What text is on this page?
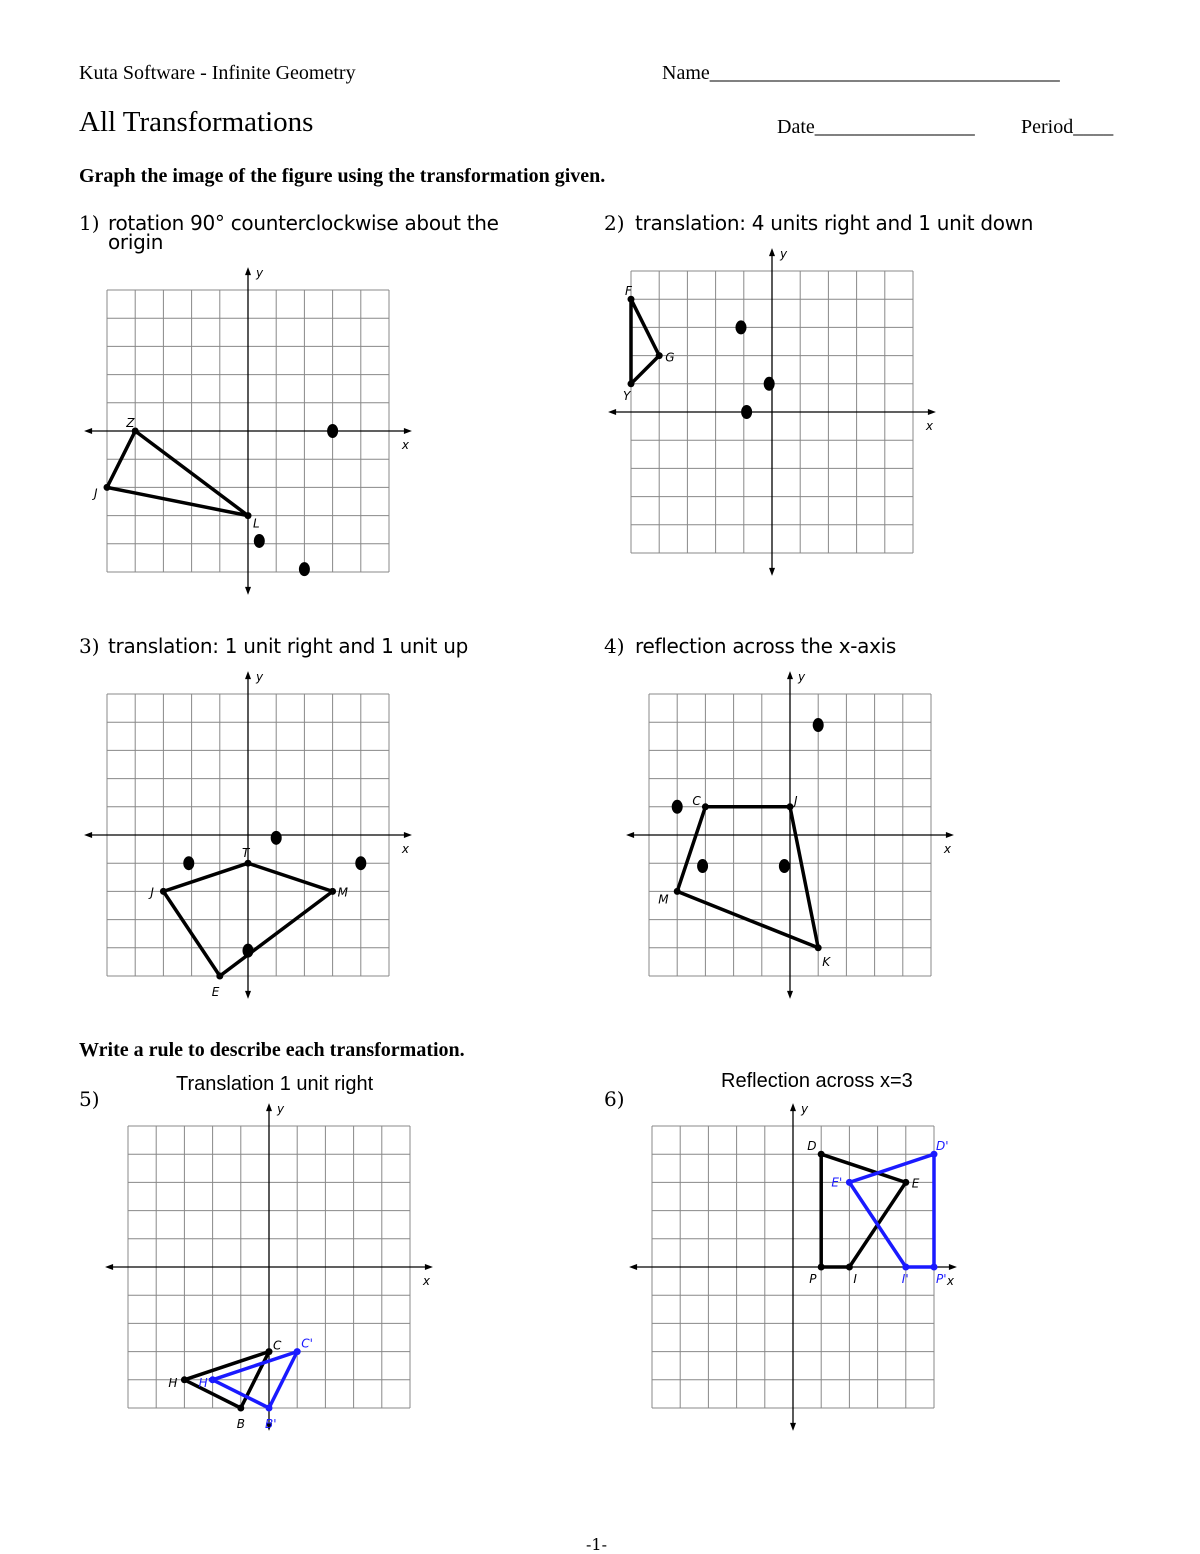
Kuta Software - Infinite Geometry	Name___________________________________
All Transformations	Date________________ Period____
Graph the image of the figure using the transformation given.
1) rotation 90° counterclockwise about the
origin
2) translation: 4 units right and 1 unit down
3) translation: 1 unit right and 1 unit up	4) reflection across the x-axis
Write a rule to describe each transformation.
5)
Translation 1 unit right
6)
Reflection across x=3
x
y
Z
J
L
x
y
F
G
Y
x
y
T
M
E
J
x
y
C	J
K
M
x
y
C
H
B
C'
H'
B'
x
y
D
E
I
P
D'
E'
I' P'
-1-
